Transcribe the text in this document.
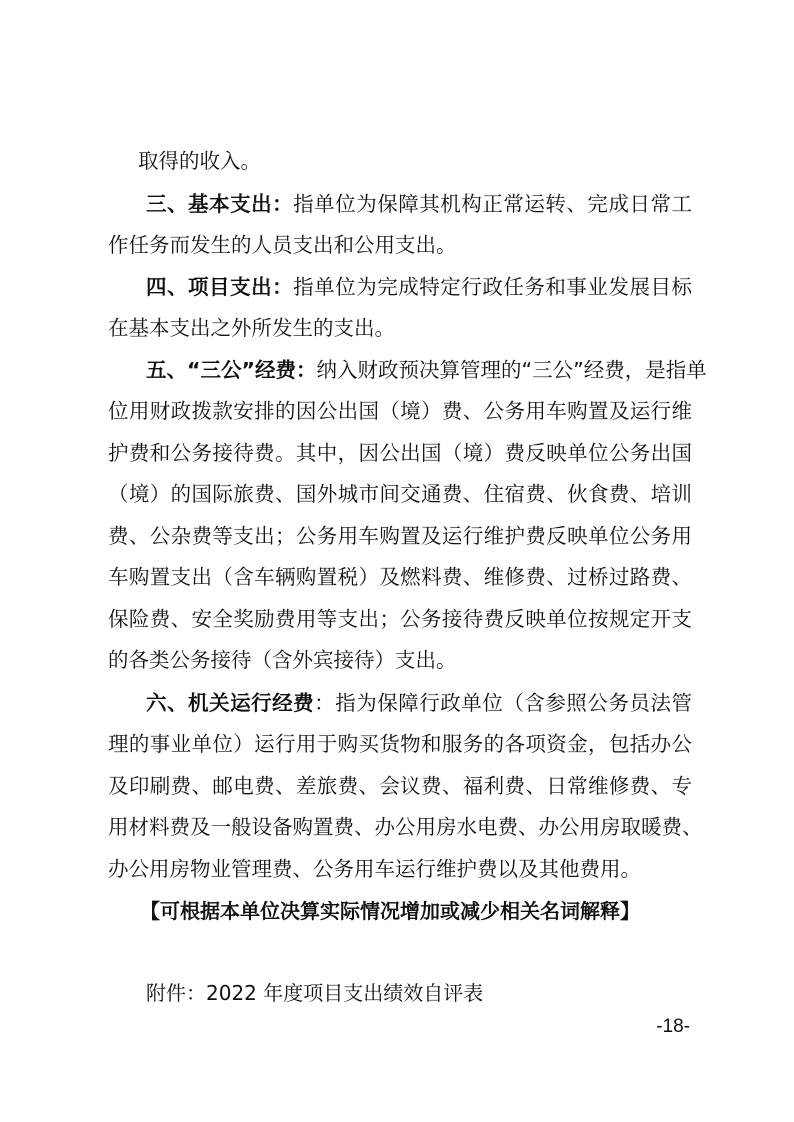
取得的收入。
三、基本支出：指单位为保障其机构正常运转、完成日常工
作任务而发生的人员支出和公用支出。
四、项目支出：指单位为完成特定行政任务和事业发展目标
在基本支出之外所发生的支出。
五、“三公”经费：纳入财政预决算管理的“三公”经费，是指单
位用财政拨款安排的因公出国（境）费、公务用车购置及运行维
护费和公务接待费。其中，因公出国（境）费反映单位公务出国
（境）的国际旅费、国外城市间交通费、住宿费、伙食费、培训
费、公杂费等支出；公务用车购置及运行维护费反映单位公务用
车购置支出（含车辆购置税）及燃料费、维修费、过桥过路费、
保险费、安全奖励费用等支出；公务接待费反映单位按规定开支
的各类公务接待（含外宾接待）支出。
六、机关运行经费：指为保障行政单位（含参照公务员法管
理的事业单位）运行用于购买货物和服务的各项资金，包括办公
及印刷费、邮电费、差旅费、会议费、福利费、日常维修费、专
用材料费及一般设备购置费、办公用房水电费、办公用房取暖费、
办公用房物业管理费、公务用车运行维护费以及其他费用。
【可根据本单位决算实际情况增加或减少相关名词解释】
附件：2022 年度项目支出绩效自评表
-18-
